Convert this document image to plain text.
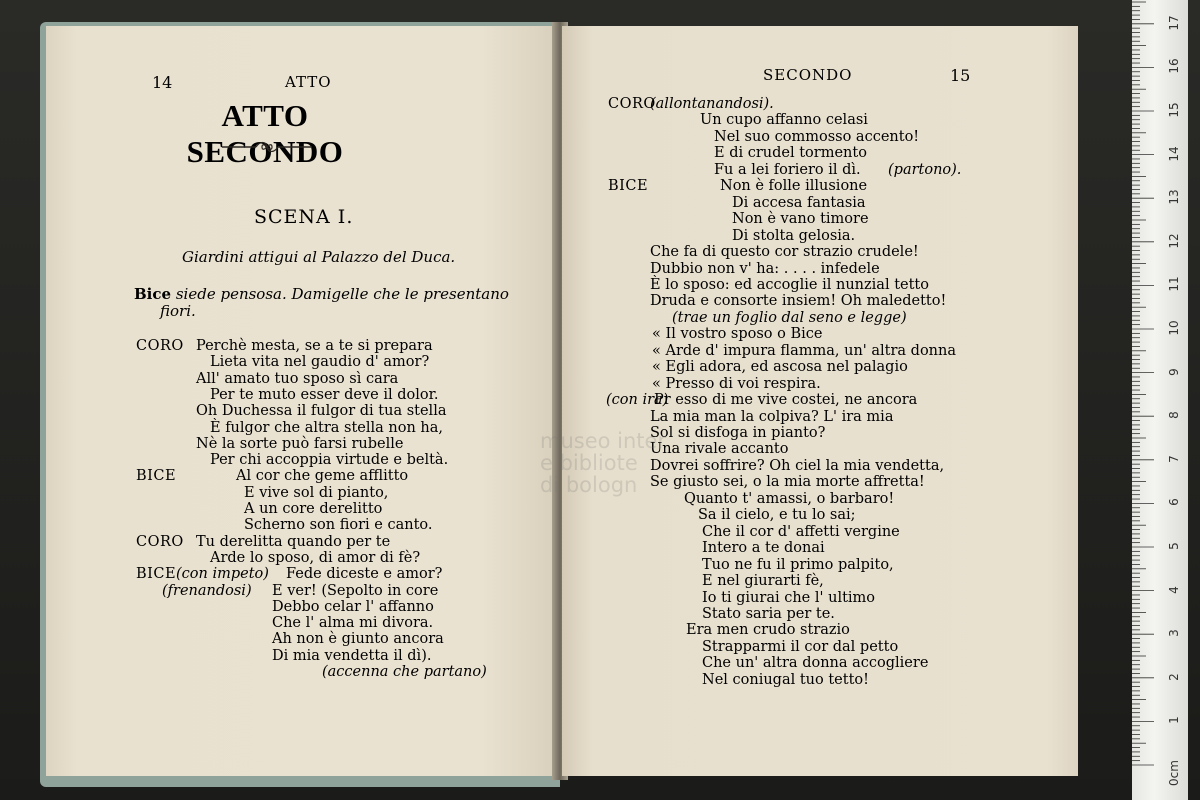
14	ATTO
ATTO SECONDO
SCENA I.
Giardini attigui al Palazzo del Duca.
Bice siede pensosa. Damigelle che le presentano
fiori.
CORO Perchè mesta, se a te si prepara
Lieta vita nel gaudio d' amor?
All' amato tuo sposo sì cara
Per te muto esser deve il dolor.
Oh Duchessa il fulgor di tua stella
È fulgor che altra stella non ha,
Nè la sorte può farsi rubelle
Per chi accoppia virtude e beltà.
BICE	Al cor che geme afflitto
E vive sol di pianto,
A un core derelitto
Scherno son fiori e canto.
CORO Tu derelitta quando per te
Arde lo sposo, di amor di fè?
BICE (con impeto) Fede diceste e amor?
(frenandosi) E ver! (Sepolto in core
Debbo celar l' affanno
Che l' alma mi divora.
Ah non è giunto ancora
Di mia vendetta il dì).
(accenna che partano)
SECONDO	15
CORO
(allontanandosi).
Un cupo affanno celasi
Nel suo commosso accento!
E di crudel tormento
Fu a lei foriero il dì. (partono).
BICE	Non è folle illusione
Di accesa fantasia
Non è vano timore
Di stolta gelosia.
Che fa di questo cor strazio crudele!
Dubbio non v' ha: . . . . infedele
È lo sposo: ed accoglie il nunzial tetto
Druda e consorte insiem! Oh maledetto!
(trae un foglio dal seno e legge)
« Il vostro sposo o Bice
« Arde d' impura flamma, un' altra donna
« Egli adora, ed ascosa nel palagio
« Presso di voi respira.
(con ira)
Pr esso di me vive costei, ne ancora
La mia man la colpiva? L' ira mia
Sol si disfoga in pianto?
Una rivale accanto
Dovrei soffrire? Oh ciel la mia vendetta,
Se giusto sei, o la mia morte affretta!
Quanto t' amassi, o barbaro!
Sa il cielo, e tu lo sai;
Che il cor d' affetti vergine
Intero a te donai
Tuo ne fu il primo palpito,
E nel giurarti fè,
Io ti giurai che l' ultimo
Stato saria per te.
Era men crudo strazio
Strapparmi il cor dal petto
Che un' altra donna accogliere
Nel coniugal tuo tetto!
museo inter
e bibliote
di bologn
0cm
1
2
3
4
5
6
7
8
9
10
11
12
13
14
15
16
17
